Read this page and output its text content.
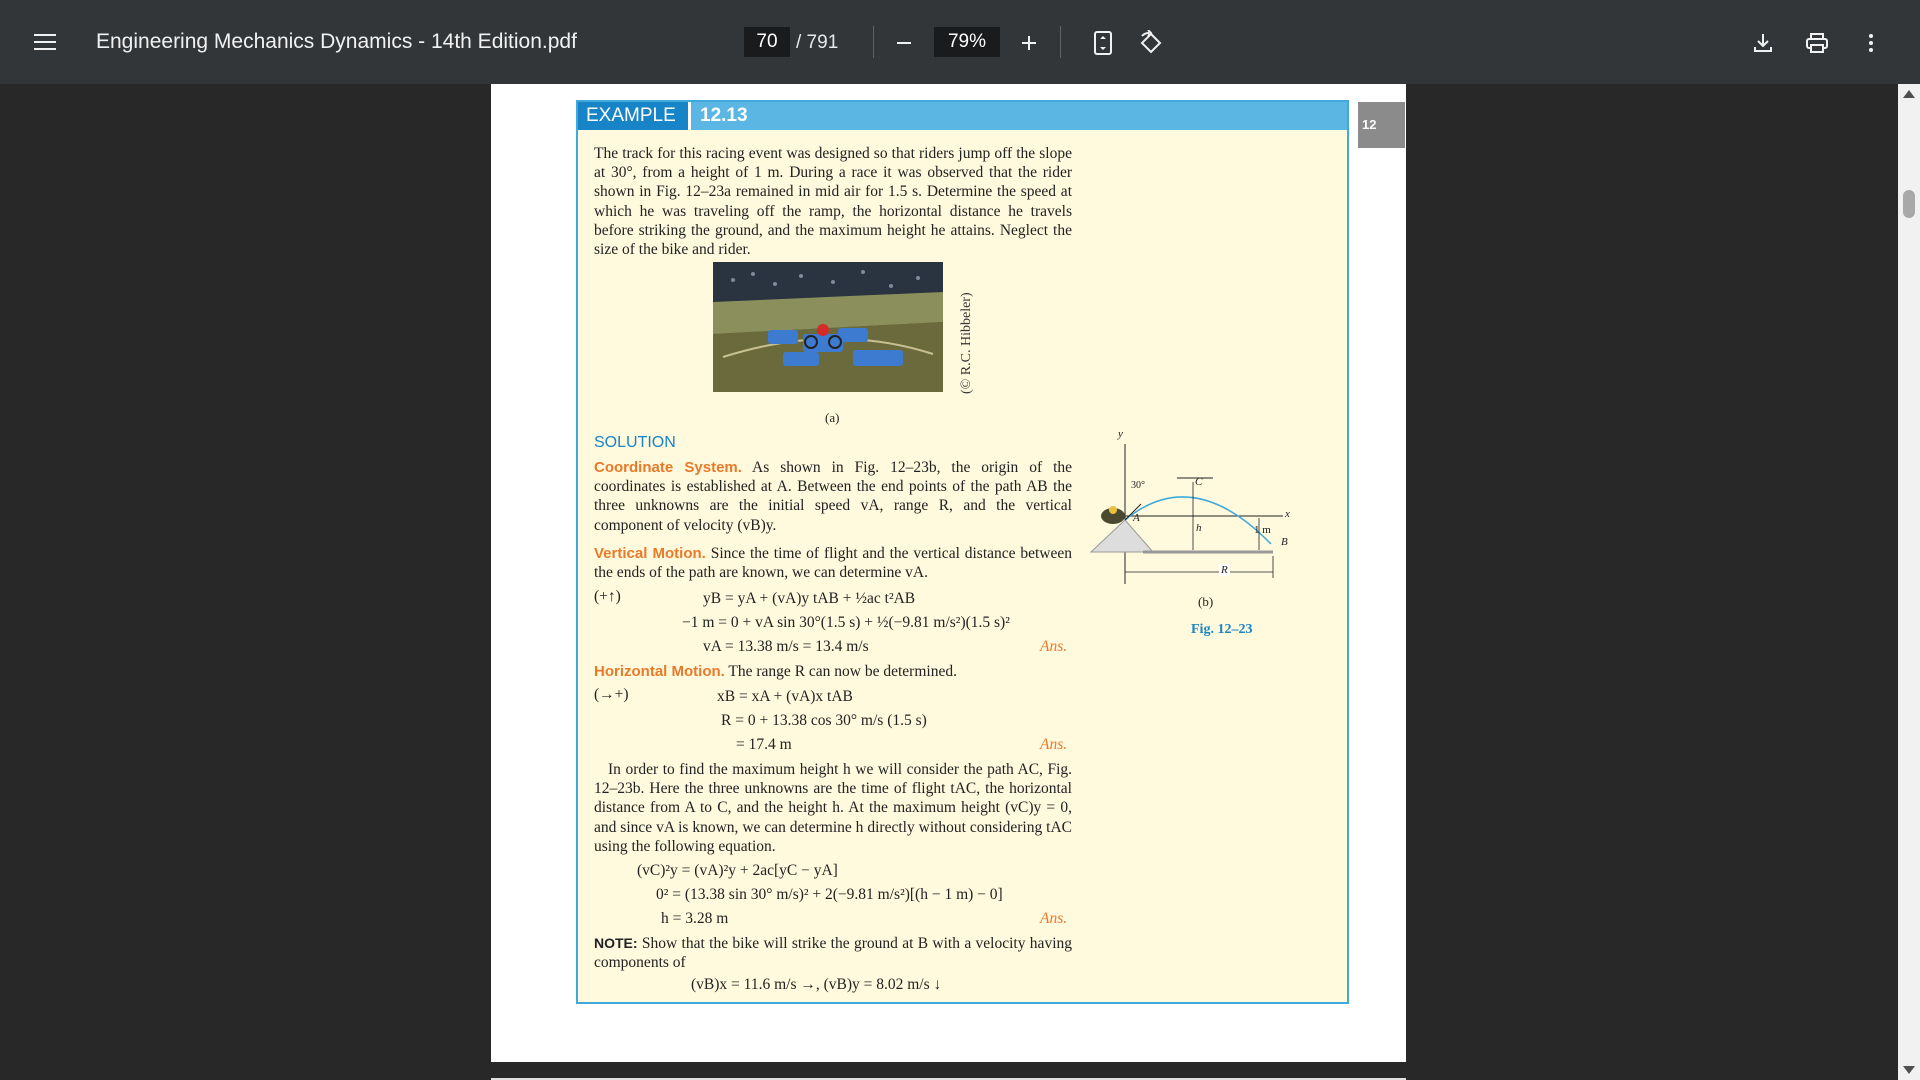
Engineering Mechanics Dynamics - 14th Edition.pdf	70 / 791	79%
EXAMPLE	12.13	12
The track for this racing event was designed so that riders jump off the slope at 30°, from a height of 1 m. During a race it was observed that the rider shown in Fig. 12–23a remained in mid air for 1.5 s. Determine the speed at which he was traveling off the ramp, the horizontal distance he travels before striking the ground, and the maximum height he attains. Neglect the size of the bike and rider.
(© R.C. Hibbeler)
(a)
SOLUTION
Coordinate System. As shown in Fig. 12–23b, the origin of the coordinates is established at A. Between the end points of the path AB the three unknowns are the initial speed vA, range R, and the vertical component of velocity (vB)y.
Vertical Motion. Since the time of flight and the vertical distance between the ends of the path are known, we can determine vA.
(+↑)	yB = yA + (vA)y tAB + ½ac t²AB
−1 m = 0 + vA sin 30°(1.5 s) + ½(−9.81 m/s²)(1.5 s)²
vA = 13.38 m/s = 13.4 m/s	Ans.
Horizontal Motion. The range R can now be determined.
(→+)	xB = xA + (vA)x tAB
R = 0 + 13.38 cos 30° m/s (1.5 s)
= 17.4 m	Ans.
In order to find the maximum height h we will consider the path AC, Fig. 12–23b. Here the three unknowns are the time of flight tAC, the horizontal distance from A to C, and the height h. At the maximum height (vC)y = 0, and since vA is known, we can determine h directly without considering tAC using the following equation.
(vC)²y = (vA)²y + 2ac[yC − yA]
0² = (13.38 sin 30° m/s)² + 2(−9.81 m/s²)[(h − 1 m) − 0]
h = 3.28 m	Ans.
NOTE: Show that the bike will strike the ground at B with a velocity having components of
(vB)x = 11.6 m/s →, (vB)y = 8.02 m/s ↓
y
x
30°	C
A
B
h	1 m
R
(b)
Fig. 12–23
